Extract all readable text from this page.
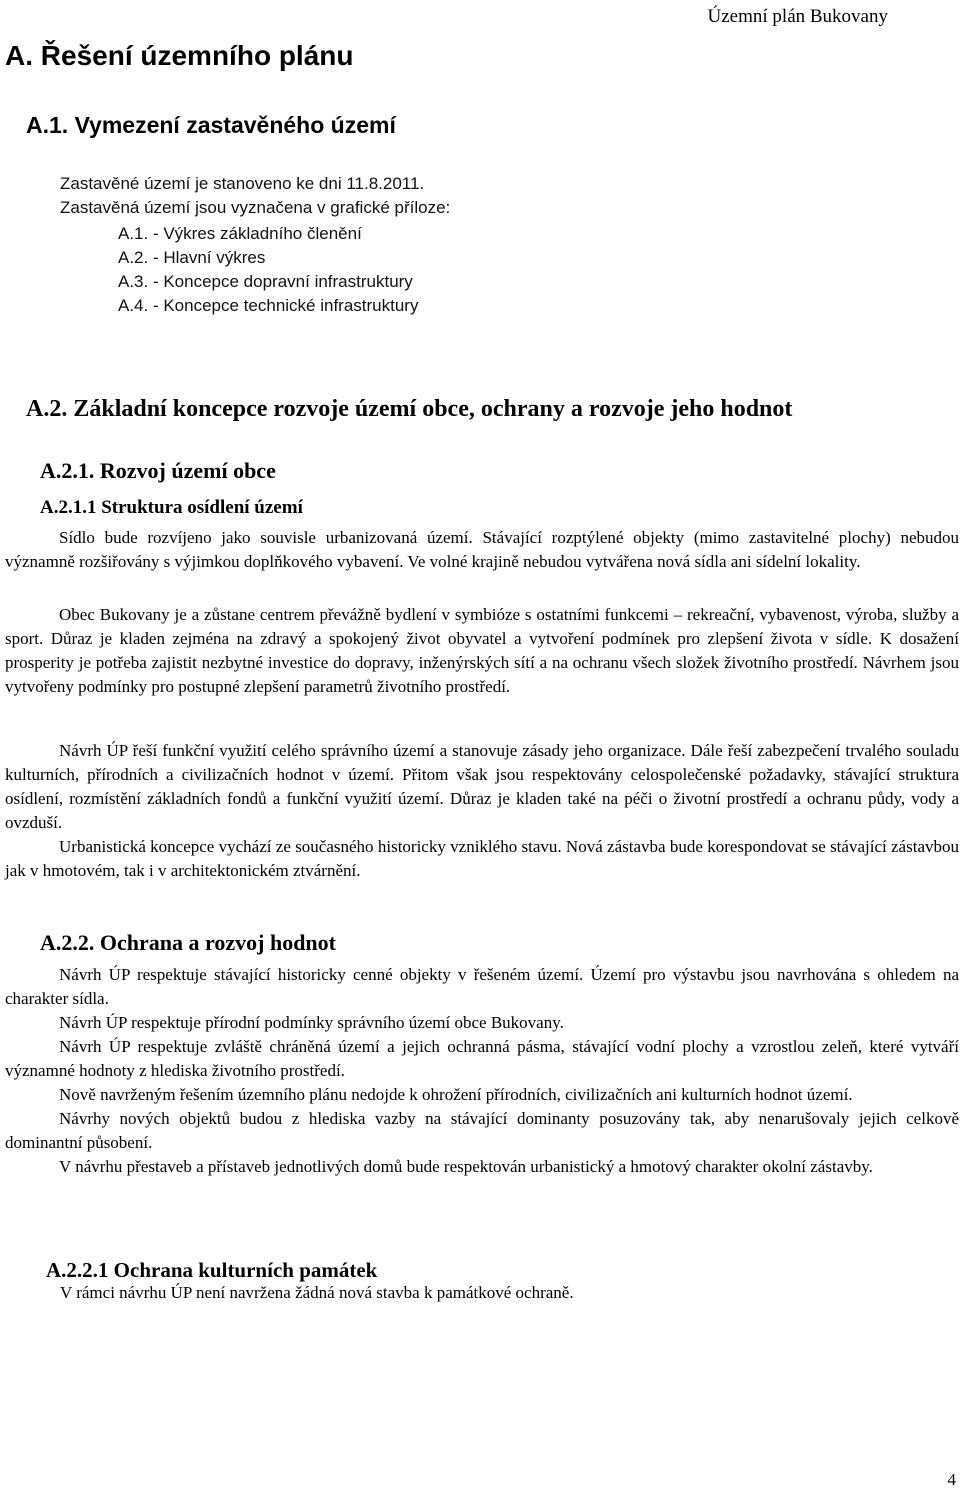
Územní plán Bukovany
A. Řešení územního plánu
A.1. Vymezení zastavěného území
Zastavěné území je stanoveno ke dni 11.8.2011.
Zastavěná území jsou vyznačena v grafické příloze:
A.1. - Výkres základního členění
A.2. - Hlavní výkres
A.3. - Koncepce dopravní infrastruktury
A.4. - Koncepce technické infrastruktury
A.2. Základní koncepce rozvoje území obce, ochrany a rozvoje jeho hodnot
A.2.1. Rozvoj území obce
A.2.1.1 Struktura osídlení území

Sídlo bude rozvíjeno jako souvisle urbanizovaná území. Stávající rozptýlené objekty (mimo zastavitelné plochy) nebudou významně rozšiřovány s výjimkou doplňkového vybavení. Ve volné krajině nebudou vytvářena nová sídla ani sídelní lokality.

Obec Bukovany je a zůstane centrem převážně bydlení v symbióze s ostatními funkcemi – rekreační, vybavenost, výroba, služby a sport. Důraz je kladen zejména na zdravý a spokojený život obyvatel a vytvoření podmínek pro zlepšení života v sídle. K dosažení prosperity je potřeba zajistit nezbytné investice do dopravy, inženýrských sítí a na ochranu všech složek životního prostředí. Návrhem jsou vytvořeny podmínky pro postupné zlepšení parametrů životního prostředí.

Návrh ÚP řeší funkční využití celého správního území a stanovuje zásady jeho organizace. Dále řeší zabezpečení trvalého souladu kulturních, přírodních a civilizačních hodnot v území. Přitom však jsou respektovány celospolečenské požadavky, stávající struktura osídlení, rozmístění základních fondů a funkční využití území. Důraz je kladen také na péči o životní prostředí a ochranu půdy, vody a ovzduší.

Urbanistická koncepce vychází ze současného historicky vzniklého stavu. Nová zástavba bude korespondovat se stávající zástavbou jak v hmotovém, tak i v architektonickém ztvárnění.

A.2.2. Ochrana a rozvoj hodnot

Návrh ÚP respektuje stávající historicky cenné objekty v řešeném území. Území pro výstavbu jsou navrhována s ohledem na charakter sídla.

Návrh ÚP respektuje přírodní podmínky správního území obce Bukovany.

Návrh ÚP respektuje zvláště chráněná území a jejich ochranná pásma, stávající vodní plochy a vzrostlou zeleň, které vytváří významné hodnoty z hlediska životního prostředí.

Nově navrženým řešením územního plánu nedojde k ohrožení přírodních, civilizačních ani kulturních hodnot území.

Návrhy nových objektů budou z hlediska vazby na stávající dominanty posuzovány tak, aby nenarušovaly jejich celkově dominantní působení.

V návrhu přestaveb a přístaveb jednotlivých domů bude respektován urbanistický a hmotový charakter okolní zástavby.

A.2.2.1 Ochrana kulturních památek
V rámci návrhu ÚP není navržena žádná nová stavba k památkové ochraně.
4
